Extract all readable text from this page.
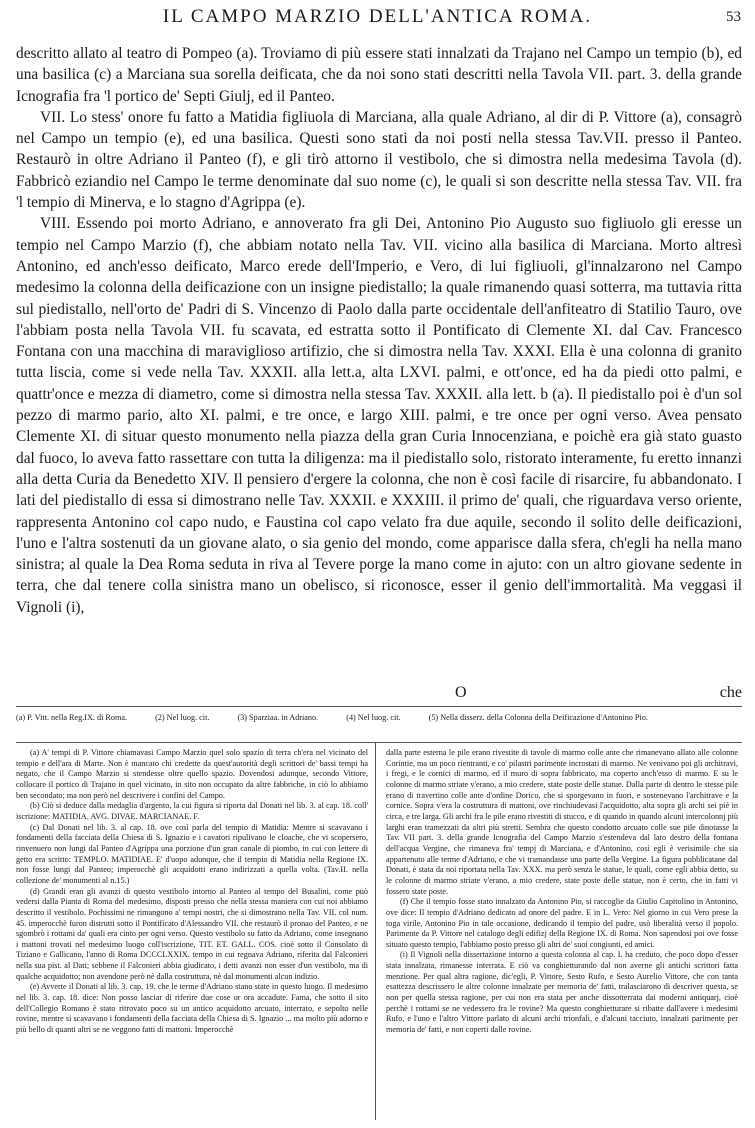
IL CAMPO MARZIO DELL'ANTICA ROMA.	53

descritto allato al teatro di Pompeo (a). Troviamo di più essere stati innalzati da Trajano nel Campo un tempio (b), ed una basilica (c) a Marciana sua sorella deificata, che da noi sono stati descritti nella Tavola VII. part. 3. della grande Icnografia fra 'l portico de' Septi Giulj, ed il Panteo.

VII. Lo stess' onore fu fatto a Matidia figliuola di Marciana, alla quale Adriano, al dir di P. Vittore (a), consagrò nel Campo un tempio (e), ed una basilica. Questi sono stati da noi posti nella stessa Tav.VII. presso il Panteo. Restaurò in oltre Adriano il Panteo (f), e gli tirò attorno il vestibolo, che si dimostra nella medesima Tavola (d). Fabbricò eziandio nel Campo le terme denominate dal suo nome (c), le quali si son descritte nella stessa Tav. VII. fra 'l tempio di Minerva, e lo stagno d'Agrippa (e).

VIII. Essendo poi morto Adriano, e annoverato fra gli Dei, Antonino Pio Augusto suo figliuolo gli eresse un tempio nel Campo Marzio (f), che abbiam notato nella Tav. VII. vicino alla basilica di Marciana. Morto altresì Antonino, ed anch'esso deificato, Marco erede dell'Imperio, e Vero, di lui figliuoli, gl'innalzarono nel Campo medesimo la colonna della deificazione con un insigne piedistallo; la quale rimanendo quasi sotterra, ma tuttavia ritta sul piedistallo, nell'orto de' Padri di S. Vincenzo di Paolo dalla parte occidentale dell'anfiteatro di Statilio Tauro, ove l'abbiam posta nella Tavola VII. fu scavata, ed estratta sotto il Pontificato di Clemente XI. dal Cav. Francesco Fontana con una macchina di maraviglioso artifizio, che si dimostra nella Tav. XXXI. Ella è una colonna di granito tutta liscia, come si vede nella Tav. XXXII. alla lett.a, alta LXVI. palmi, e ott'once, ed ha da piedi otto palmi, e quattr'once e mezza di diametro, come si dimostra nella stessa Tav. XXXII. alla lett. b (a). Il piedistallo poi è d'un sol pezzo di marmo pario, alto XI. palmi, e tre once, e largo XIII. palmi, e tre once per ogni verso. Avea pensato Clemente XI. di situar questo monumento nella piazza della gran Curia Innocenziana, e poichè era già stato guasto dal fuoco, lo aveva fatto rassettare con tutta la diligenza: ma il piedistallo solo, ristorato interamente, fu eretto innanzi alla detta Curia da Benedetto XIV. Il pensiero d'ergere la colonna, che non è così facile di risarcire, fu abbandonato. I lati del piedistallo di essa si dimostrano nelle Tav. XXXII. e XXXIII. il primo de' quali, che riguardava verso oriente, rappresenta Antonino col capo nudo, e Faustina col capo velato fra due aquile, secondo il solito delle deificazioni, l'uno e l'altra sostenuti da un giovane alato, o sia genio del mondo, come apparisce dalla sfera, ch'egli ha nella mano sinistra; al quale la Dea Roma seduta in riva al Tevere porge la mano come in ajuto: con un altro giovane sedente in terra, che dal tenere colla sinistra mano un obelisco, si riconosce, esser il genio dell'immortalità. Ma veggasi il Vignoli (i),

O	che
(a) P. Vitt. nella Reg.IX. di Roma.	(2) Nel luog. cit.	(3) Sparziaa. in Adriano.	(4) Nel luog. cit.	(5) Nella disserz. della Colonna della Deificazione d'Antonino Pio.

(a) A' tempi di P. Vittore chiamavasi Campo Marzio quel solo spazio di terra ch'era nel vicinato del tempio e dell'ara di Marte. Non è mancato chi credette da quest'autorità degli scrittori de' bassi tempi ha negato, che il Campo Marzio si stendesse oltre quello spazio. Dovendosi adunque, secondo Vittore, collocare il portico di Trajano in quel vicinato, in sito non occupato da altre fabbriche, in ciò lo abbiamo ben secondato; ma non però nel descrivere i confini del Campo.

(b) Ciò si deduce dalla medaglia d'argento, la cui figura si riporta dal Donati nel lib. 3. al cap. 18. coll' iscrizione: MATIDIA. AVG. DIVAE. MARCIANAE. F.

(c) Dal Donati nel lib. 3. al cap. 18. ove così parla del tempio di Matidia: Mentre si scavavano i fondamenti della facciata della Chiesa di S. Ignazio e i cavatori ripulivano le cloache, che vi scopersero, rinvenuero non lungi dal Panteo d'Agrippa una porzione d'un gran canale di piombo, in cui con lettere di getto era scritto: TEMPLO. MATIDIAE. E' d'uopo adunque, che il tempio di Matidia nella Regione IX. non fosse lungi dal Panteo; imperocchè gli acquidotti erano indirizzati a quella volta. (Tav.II. nella collezione de' monumenti al n.15.)

(d) Grandi eran gli avanzi di questo vestibolo intorno al Panteo al tempo del Busalini, come può vedersi dalla Pianta di Roma del medesimo, disposti presso che nella stessa maniera con cui noi abbiamo descritto il vestibolo. Pochissimi ne rimangono a' tempi nostri, che si dimostrano nella Tav. VII. col num. 45. imperocchè furon distrutti sotto il Pontificato d'Alessandro VII. che restaurò il pronao del Panteo, e ne sgombrò i rottami da' quali era cinto per ogni verso. Questo vestibolo su fatto da Adriano, come insegnano i mattoni trovati nel medesimo luogo coll'iscrizione, TIT. ET. GALL. COS. cioè sotto il Consolato di Tiziano e Gallicano, l'anno di Roma DCCCLXXIX. tempo in cui regnava Adriano, riferita dal Falconieri nella sua pist. al Dati; sebbene il Falconieri abbia giudicato, i detti avanzi non esser d'un vestibolo, ma di qualche acquidotto; non avendone però nè dalla costruttura, nè dal monumenti alcun indizio.

(e) Avverte il Donati al lib. 3. cap. 19. che le terme d'Adriano stano state in questo luogo. Il medesimo nel lib. 3. cap. 18. dice: Non posso lasciar di riferire due cose or ora accadute. Fama, che sotto il sito dell'Collegio Romano è stato ritrovato poco su un antico acquidotto arcuato, interrato, e sepolto nelle rovine, mentre si scavavano i fondamenti della facciata della Chiesa di S. Ignazio ... ma molto più adorno e più bello di quanti altri se ne veggono fatti di mattoni. Imperocchè

dalla parte esterna le pile erano rivestite di tavole di marmo colle ante che rimanevano allato alle colonne Corintie, ma un poco rientranti, e co' pilastri parimente incrostati di marmo. Ne venivano poi gli architravi, i fregi, e le cornici di marmo, ed il muro di sopra fabbricato, ma coperto anch'esso di marmo. E su le colonne di marmo striate v'erano, a mio credere, state poste delle statue. Dalla parte di dentro le stesse pile erano di travertino colle ante d'ordine Dorico, che si sporgevano in fuori, e sostenevano l'architrave e la cornice. Sopra v'era la costruttura di mattoni, ove rinchiudevasi l'acquidotto, alta sopra gli archi sei piè in circa, e tre larga. Gli archi fra le pile erano rivestiti di stucco, e di quando in quando alcuni intercolonnj più larghi eran tramezzati da altri più stretti. Sembra che questo condotto arcuato colle sue pile dinotasse la Tav. VII part. 3. della grande Icnografia del Campo Marzio s'estendeva dal lato destro della fontana dell'acqua Vergine, che rimaneva fra' tempj di Marciana, e d'Antonino, così egli è verisimile che sia appartenuto alle terme d'Adriano, e che vi tramandasse una parte della Vergine. La figura pubblicatane dal Donati, è stata da noi riportata nella Tav. XXX. ma però senza le statue, le quali, come egli abbia detto, su le colonne di marmo striate v'erano, a mio credere, state poste delle statue, non è certo, che in fatti vi fossero state poste.

(f) Che il tempio fosse stato innalzato da Antonino Pio, si raccoglie da Giulio Capitolino in Antonino, ove dice: Il tempio d'Adriano dedicato ad onore del padre. E in L. Vero: Nel giorno in cui Vero prese la toga virile, Antonino Pio in tale occasione, dedicando il tempio del padre, usò liberalità verso il popolo. Parimente da P. Vittore nel catalogo degli edifizj della Regione IX. di Roma. Non sapendosi poi ove fosse situato questo tempio, l'abbiamo posto presso gli altri de' suoi congiunti, ed amici.

(i) Il Vignoli nella dissertazione intorno a questa colonna al cap. I. ha creduto, che poco dopo d'esser stata innalzata, rimanesse interrata. E ciò va conghietturando dal non averne gli antichi scrittori fatta menzione. Per qual altra ragione, dic'egli, P. Vittore, Sesto Rufo, e Sesto Aurelio Vittore, che con tanta esattezza descrissero le altre colonne innalzate per memoria de' fatti, tralasciarono di descriver questa, se non per quella stessa ragione, per cui non era stata per anche dissotterrata dai moderni antiquarj, cioè perchè i rottami se ne vedessero fra le rovine? Ma questo conghietturare si ribatte dall'avere i medesimi Rufo, e l'uno e l'altro Vittore parlato di alcuni archi trionfali, e d'alcuni tacciuto, innalzati parimente per memoria de' fatti, e non coperti dalle rovine.
